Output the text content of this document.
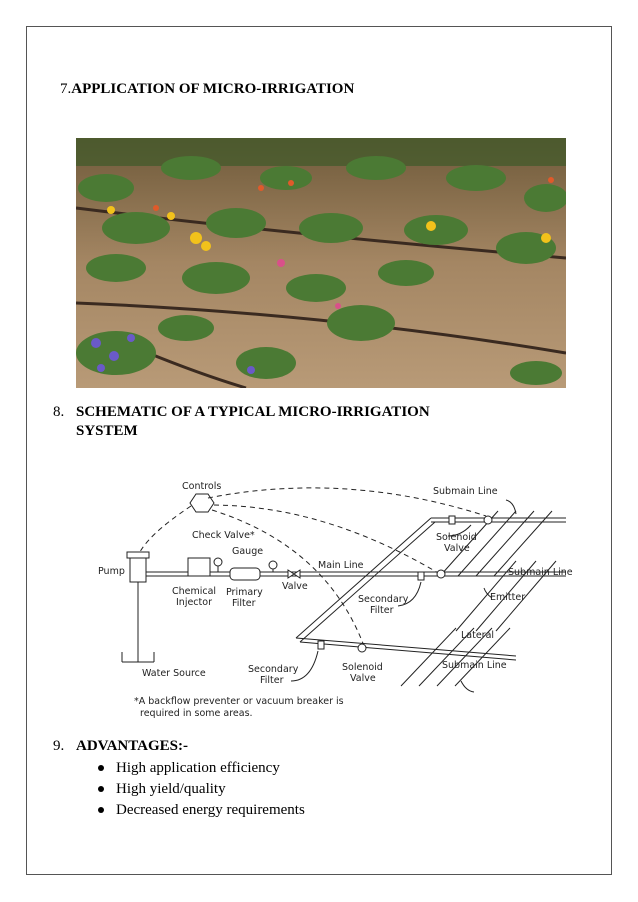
7.APPLICATION OF MICRO-IRRIGATION
8. SCHEMATIC OF A TYPICAL MICRO-IRRIGATION
SYSTEM
Controls	Submain Line
Check Valve*
Gauge
Pump
Main Line
Solenoid
Valve
Submain Line
Chemical
Injector
Primary
Filter
Valve
Secondary
Filter
Emitter
Lateral
Water Source	Secondary
Filter
Solenoid
Valve
Submain Line
*A backflow preventer or vacuum breaker is
required in some areas.
9. ADVANTAGES:-
High application efficiency
High yield/quality
Decreased energy requirements
